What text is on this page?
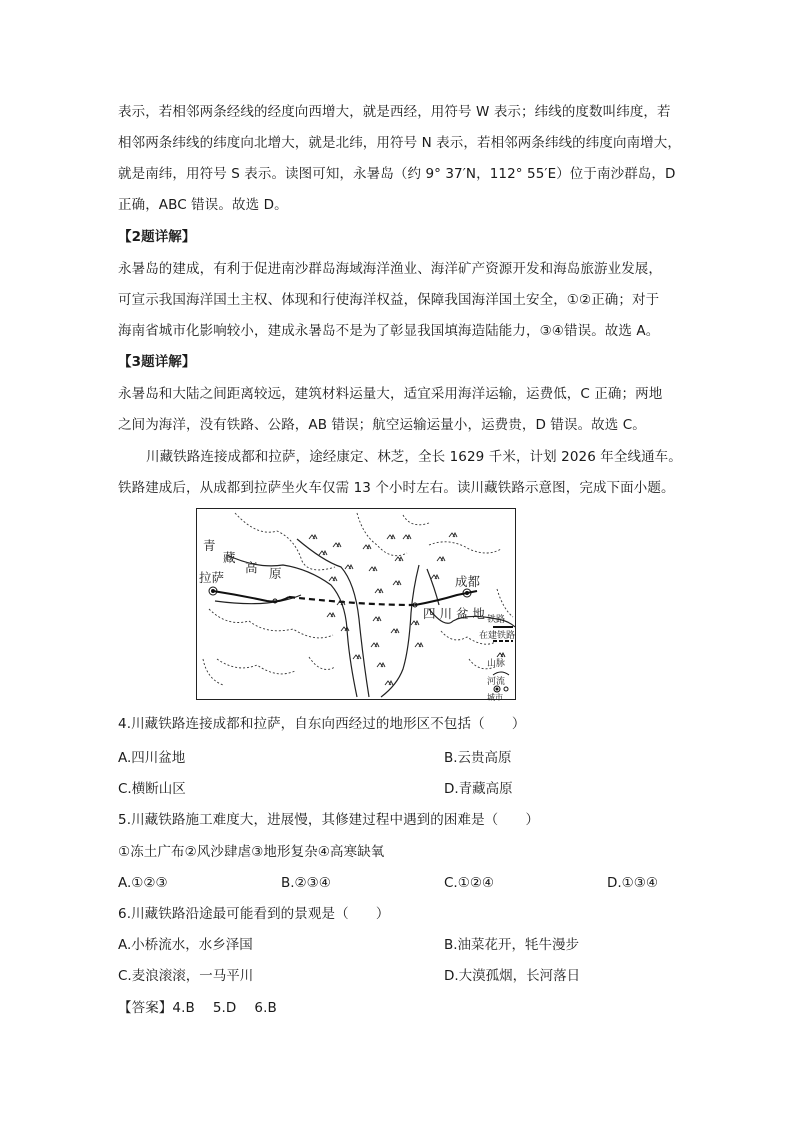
表示，若相邻两条经线的经度向西增大，就是西经，用符号 W 表示；纬线的度数叫纬度，若
相邻两条纬线的纬度向北增大，就是北纬，用符号 N 表示，若相邻两条纬线的纬度向南增大，
就是南纬，用符号 S 表示。读图可知，永暑岛（约 9° 37′N，112° 55′E）位于南沙群岛，D
正确，ABC 错误。故选 D。
【2题详解】
永暑岛的建成，有利于促进南沙群岛海域海洋渔业、海洋矿产资源开发和海岛旅游业发展，
可宣示我国海洋国土主权、体现和行使海洋权益，保障我国海洋国土安全，①②正确；对于
海南省城市化影响较小，建成永暑岛不是为了彰显我国填海造陆能力，③④错误。故选 A。
【3题详解】
永暑岛和大陆之间距离较远，建筑材料运量大，适宜采用海洋运输，运费低，C 正确；两地
之间为海洋，没有铁路、公路，AB 错误；航空运输运量小，运费贵，D 错误。故选 C。
川藏铁路连接成都和拉萨，途经康定、林芝，全长 1629 千米，计划 2026 年全线通车。
铁路建成后，从成都到拉萨坐火车仅需 13 个小时左右。读川藏铁路示意图，完成下面小题。
青
藏
高 原
拉萨	成都
四 川 盆 地 铁路
在建铁路
山脉
河流
城市
4.川藏铁路连接成都和拉萨，自东向西经过的地形区不包括（　　）
A.四川盆地	B.云贵高原
C.横断山区	D.青藏高原
5.川藏铁路施工难度大，进展慢，其修建过程中遇到的困难是（　　）
①冻土广布②风沙肆虐③地形复杂④高寒缺氧
A.①②③	B.②③④	C.①②④	D.①③④
6.川藏铁路沿途最可能看到的景观是（　　）
A.小桥流水，水乡泽国	B.油菜花开，牦牛漫步
C.麦浪滚滚，一马平川	D.大漠孤烟，长河落日
【答案】4.B　 5.D　 6.B
